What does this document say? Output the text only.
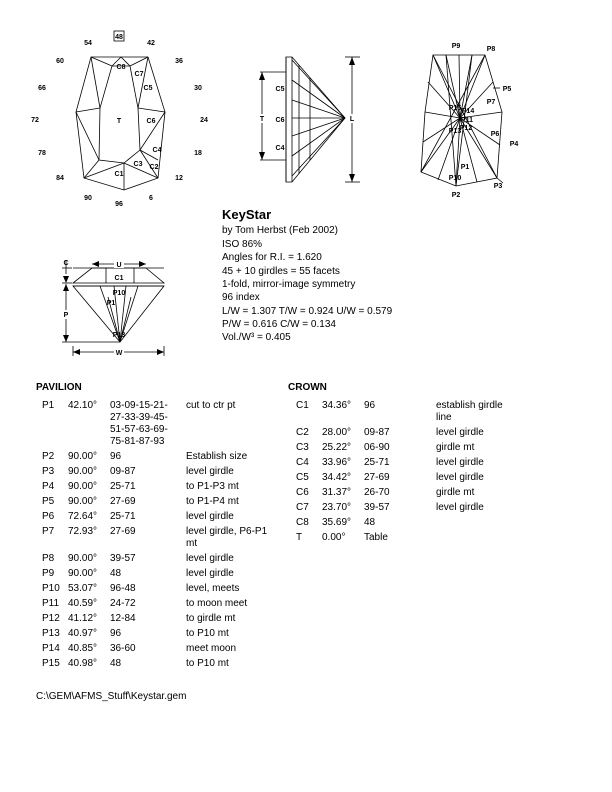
48
54	42
60	36
66	30
72	24
78	18
84	12
90	6
96
C8
C7
C5
T	C6
C4
C3
C1
C2
C5
T C6
C4
L
P9	P8
P5
P7
P15 P14
P11
P12
P13	P6
P4
P1
P10
P2
P3
C	U
C1
P10
P1
P
P13
W
KeyStar
by Tom Herbst (Feb 2002)
ISO 86%
Angles for R.I. = 1.620
45 + 10 girdles = 55 facets
1-fold, mirror-image symmetry
96 index
L/W = 1.307 T/W = 0.924 U/W = 0.579
P/W = 0.616 C/W = 0.134
Vol./W³ = 0.405
PAVILION	CROWN
P1	42.10°	03-09-15-21-
27-33-39-45-
51-57-63-69-
75-81-87-93	cut to ctr pt
P2	90.00°	96	Establish size
P3	90.00°	09-87	level girdle
P4	90.00°	25-71	to P1-P3 mt
P5	90.00°	27-69	to P1-P4 mt
P6	72.64°	25-71	level girdle
P7	72.93°	27-69	level girdle, P6-P1
mt
P8	90.00°	39-57	level girdle
P9	90.00°	48	level girdle
P10	53.07°	96-48	level, meets
P11	40.59°	24-72	to moon meet
P12	41.12°	12-84	to girdle mt
P13	40.97°	96	to P10 mt
P14	40.85°	36-60	meet moon
P15	40.98°	48	to P10 mt
C1	34.36°	96	establish girdle
line
C2	28.00°	09-87	level girdle
C3	25.22°	06-90	girdle mt
C4	33.96°	25-71	level girdle
C5	34.42°	27-69	level girdle
C6	31.37°	26-70	girdle mt
C7	23.70°	39-57	level girdle
C8	35.69°	48	
T	0.00°	Table	
C:\GEM\AFMS_Stuff\Keystar.gem
